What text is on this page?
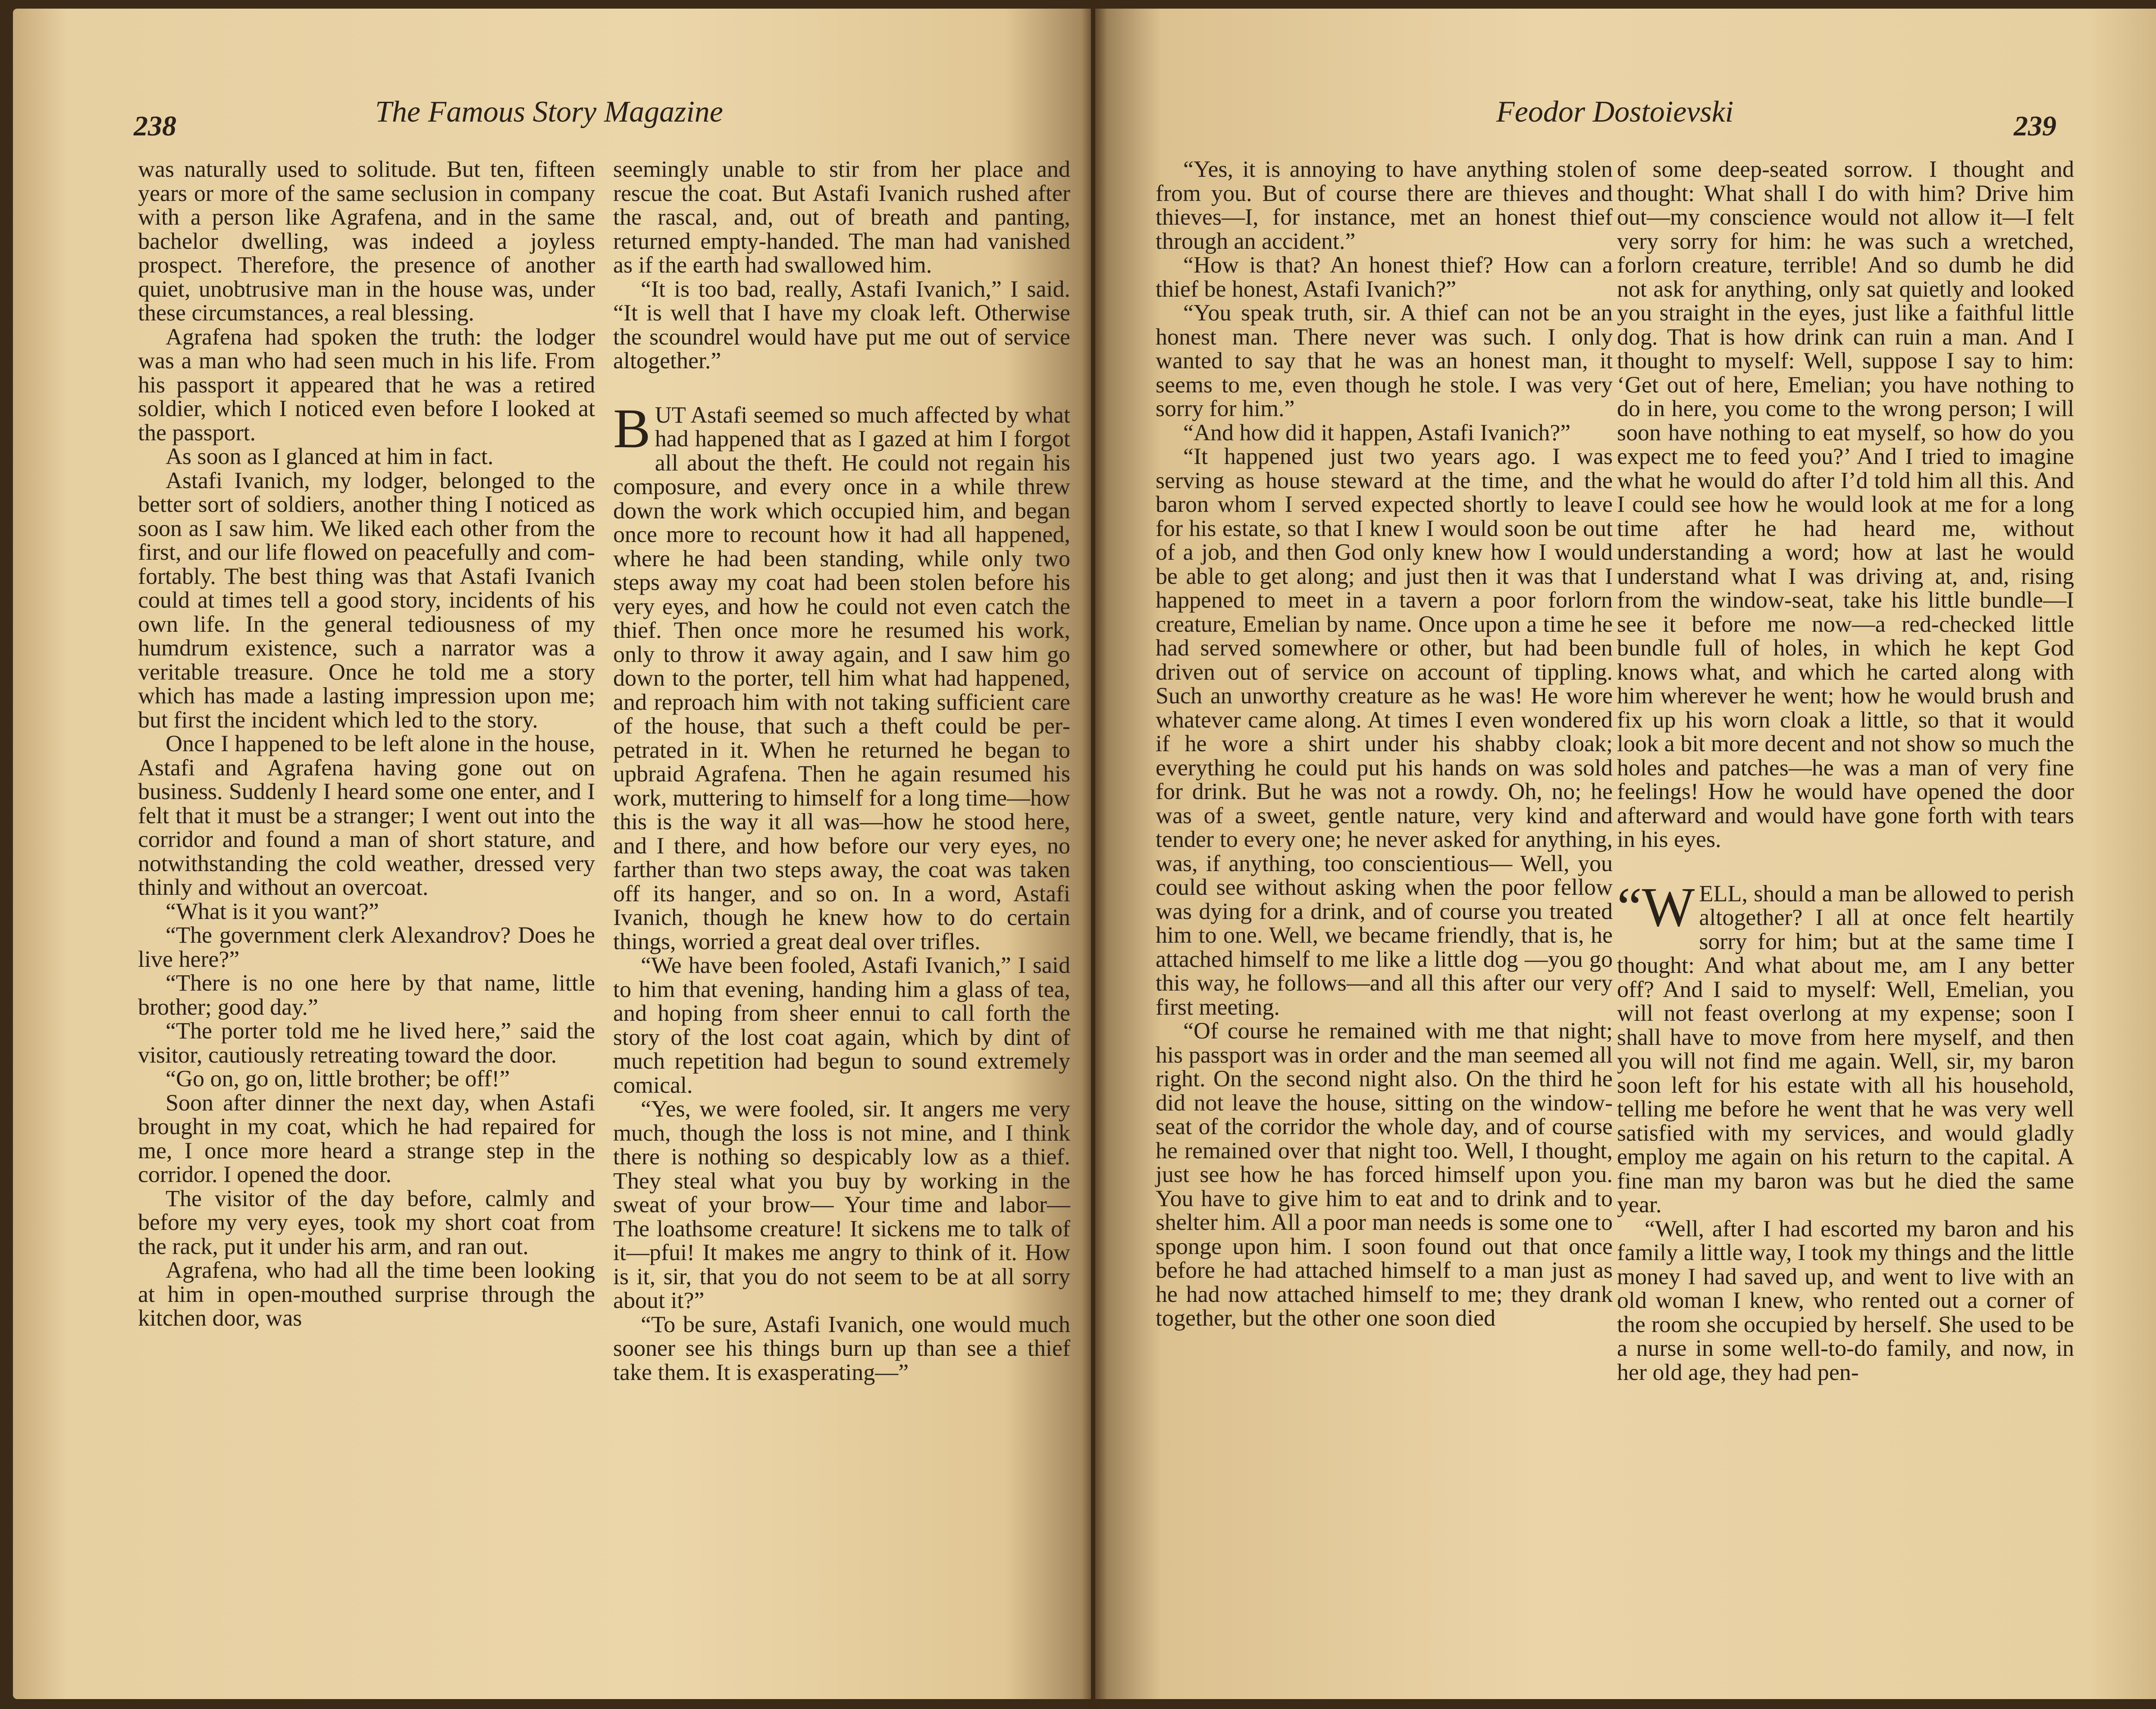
238	The Famous Story Magazine

was naturally used to solitude. But ten, fifteen years or more of the same seclusion in company with a person like Agrafena, and in the same bachelor dwelling, was indeed a joyless prospect. Therefore, the presence of another quiet, unobtrusive man in the house was, under these circumstances, a real blessing.

Agrafena had spoken the truth: the lodger was a man who had seen much in his life. From his passport it appeared that he was a retired soldier, which I noticed even before I looked at the passport.

As soon as I glanced at him in fact.

Astafi Ivanich, my lodger, belonged to the better sort of soldiers, another thing I noticed as soon as I saw him. We liked each other from the first, and our life flowed on peacefully and comfortably. The best thing was that Astafi Ivanich could at times tell a good story, incidents of his own life. In the general tediousness of my humdrum existence, such a narrator was a veritable treasure. Once he told me a story which has made a lasting impression upon me; but first the incident which led to the story.

Once I happened to be left alone in the house, Astafi and Agrafena having gone out on business. Suddenly I heard some one enter, and I felt that it must be a stranger; I went out into the corridor and found a man of short stature, and notwithstanding the cold weather, dressed very thinly and without an overcoat.

“What is it you want?”

“The government clerk Alexandrov? Does he live here?”

“There is no one here by that name, little brother; good day.”

“The porter told me he lived here,” said the visitor, cautiously retreating toward the door.

“Go on, go on, little brother; be off!”

Soon after dinner the next day, when Astafi brought in my coat, which he had repaired for me, I once more heard a strange step in the corridor. I opened the door.

The visitor of the day before, calmly and before my very eyes, took my short coat from the rack, put it under his arm, and ran out.

Agrafena, who had all the time been looking at him in open-mouthed surprise through the kitchen door, was

seemingly unable to stir from her place and rescue the coat. But Astafi Ivanich rushed after the rascal, and, out of breath and panting, returned empty-handed. The man had vanished as if the earth had swallowed him.

“It is too bad, really, Astafi Ivanich,” I said. “It is well that I have my cloak left. Otherwise the scoundrel would have put me out of service altogether.”

BUT Astafi seemed so much affected by what had happened that as I gazed at him I forgot all about the theft. He could not regain his composure, and every once in a while threw down the work which occupied him, and began once more to recount how it had all happened, where he had been standing, while only two steps away my coat had been stolen before his very eyes, and how he could not even catch the thief. Then once more he resumed his work, only to throw it away again, and I saw him go down to the porter, tell him what had happened, and reproach him with not taking sufficient care of the house, that such a theft could be perpetrated in it. When he returned he began to upbraid Agrafena. Then he again resumed his work, muttering to himself for a long time—how this is the way it all was—how he stood here, and I there, and how before our very eyes, no farther than two steps away, the coat was taken off its hanger, and so on. In a word, Astafi Ivanich, though he knew how to do certain things, worried a great deal over trifles.

“We have been fooled, Astafi Ivanich,” I said to him that evening, handing him a glass of tea, and hoping from sheer ennui to call forth the story of the lost coat again, which by dint of much repetition had begun to sound extremely comical.

“Yes, we were fooled, sir. It angers me very much, though the loss is not mine, and I think there is nothing so despicably low as a thief. They steal what you buy by working in the sweat of your brow— Your time and labor— The loathsome creature! It sickens me to talk of it—pfui! It makes me angry to think of it. How is it, sir, that you do not seem to be at all sorry about it?”

“To be sure, Astafi Ivanich, one would much sooner see his things burn up than see a thief take them. It is exasperating—”

Feodor Dostoievski	239

“Yes, it is annoying to have anything stolen from you. But of course there are thieves and thieves—I, for instance, met an honest thief through an accident.”

“How is that? An honest thief? How can a thief be honest, Astafi Ivanich?”

“You speak truth, sir. A thief can not be an honest man. There never was such. I only wanted to say that he was an honest man, it seems to me, even though he stole. I was very sorry for him.”

“And how did it happen, Astafi Ivanich?”

“It happened just two years ago. I was serving as house steward at the time, and the baron whom I served expected shortly to leave for his estate, so that I knew I would soon be out of a job, and then God only knew how I would be able to get along; and just then it was that I happened to meet in a tavern a poor forlorn creature, Emelian by name. Once upon a time he had served somewhere or other, but had been driven out of service on account of tippling. Such an unworthy creature as he was! He wore whatever came along. At times I even wondered if he wore a shirt under his shabby cloak; everything he could put his hands on was sold for drink. But he was not a rowdy. Oh, no; he was of a sweet, gentle nature, very kind and tender to every one; he never asked for anything, was, if anything, too conscientious— Well, you could see without asking when the poor fellow was dying for a drink, and of course you treated him to one. Well, we became friendly, that is, he attached himself to me like a little dog —you go this way, he follows—and all this after our very first meeting.

“Of course he remained with me that night; his passport was in order and the man seemed all right. On the second night also. On the third he did not leave the house, sitting on the window-seat of the corridor the whole day, and of course he remained over that night too. Well, I thought, just see how he has forced himself upon you. You have to give him to eat and to drink and to shelter him. All a poor man needs is some one to sponge upon him. I soon found out that once before he had attached himself to a man just as he had now attached himself to me; they drank together, but the other one soon died

of some deep-seated sorrow. I thought and thought: What shall I do with him? Drive him out—my conscience would not allow it—I felt very sorry for him: he was such a wretched, forlorn creature, terrible! And so dumb he did not ask for anything, only sat quietly and looked you straight in the eyes, just like a faithful little dog. That is how drink can ruin a man. And I thought to myself: Well, suppose I say to him: ‘Get out of here, Emelian; you have nothing to do in here, you come to the wrong person; I will soon have nothing to eat myself, so how do you expect me to feed you?’ And I tried to imagine what he would do after I’d told him all this. And I could see how he would look at me for a long time after he had heard me, without understanding a word; how at last he would understand what I was driving at, and, rising from the window-seat, take his little bundle—I see it before me now—a red-checked little bundle full of holes, in which he kept God knows what, and which he carted along with him wherever he went; how he would brush and fix up his worn cloak a little, so that it would look a bit more decent and not show so much the holes and patches—he was a man of very fine feelings! How he would have opened the door afterward and would have gone forth with tears in his eyes.

“WELL, should a man be allowed to perish altogether? I all at once felt heartily sorry for him; but at the same time I thought: And what about me, am I any better off? And I said to myself: Well, Emelian, you will not feast overlong at my expense; soon I shall have to move from here myself, and then you will not find me again. Well, sir, my baron soon left for his estate with all his household, telling me before he went that he was very well satisfied with my services, and would gladly employ me again on his return to the capital. A fine man my baron was but he died the same year.

“Well, after I had escorted my baron and his family a little way, I took my things and the little money I had saved up, and went to live with an old woman I knew, who rented out a corner of the room she occupied by herself. She used to be a nurse in some well-to-do family, and now, in her old age, they had pen-
